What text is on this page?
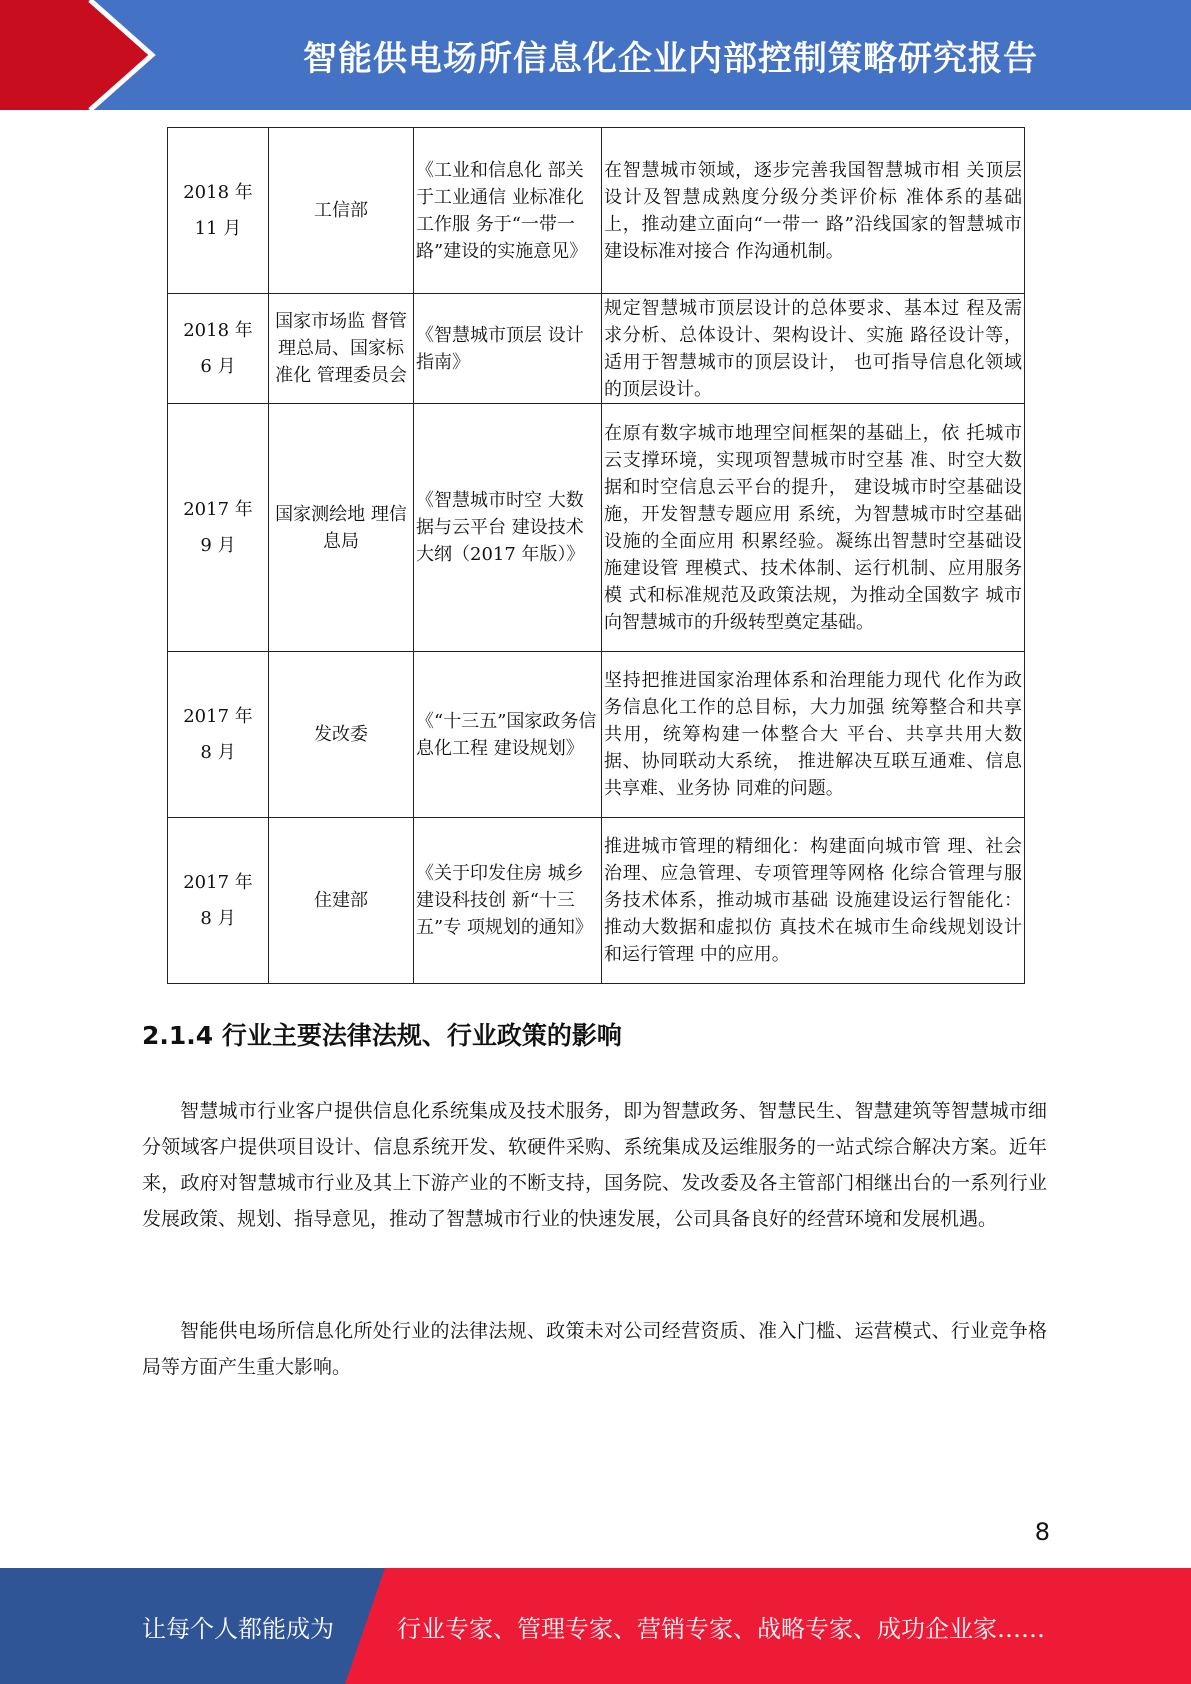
智能供电场所信息化企业内部控制策略研究报告
2018 年
11 月	工信部	《工业和信息化 部关于工业通信 业标准化工作服 务于“一带一 路”建设的实施意见》	在智慧城市领域，逐步完善我国智慧城市相 关顶层设计及智慧成熟度分级分类评价标 准体系的基础上，推动建立面向“一带一 路”沿线国家的智慧城市建设标准对接合 作沟通机制。

2018 年
6 月	国家市场监 督管理总局、国家标准化 管理委员会	《智慧城市顶层 设计指南》	规定智慧城市顶层设计的总体要求、基本过 程及需求分析、总体设计、架构设计、实施 路径设计等，适用于智慧城市的顶层设计， 也可指导信息化领域的顶层设计。

2017 年
9 月	国家测绘地 理信息局	《智慧城市时空 大数据与云平台 建设技术大纲（2017 年版）》	在原有数字城市地理空间框架的基础上，依 托城市云支撑环境，实现项智慧城市时空基 准、时空大数据和时空信息云平台的提升， 建设城市时空基础设施，开发智慧专题应用 系统，为智慧城市时空基础设施的全面应用 积累经验。凝练出智慧时空基础设施建设管 理模式、技术体制、运行机制、应用服务模 式和标准规范及政策法规，为推动全国数字 城市向智慧城市的升级转型奠定基础。

2017 年
8 月	发改委	《“十三五”国家政务信息化工程 建设规划》	坚持把推进国家治理体系和治理能力现代 化作为政务信息化工作的总目标，大力加强 统筹整合和共享共用，统筹构建一体整合大 平台、共享共用大数据、协同联动大系统， 推进解决互联互通难、信息共享难、业务协 同难的问题。

2017 年
8 月	住建部	《关于印发住房 城乡建设科技创 新“十三五”专 项规划的通知》	推进城市管理的精细化：构建面向城市管 理、社会治理、应急管理、专项管理等网格 化综合管理与服务技术体系，推动城市基础 设施建设运行智能化：推动大数据和虚拟仿 真技术在城市生命线规划设计和运行管理 中的应用。
2.1.4 行业主要法律法规、行业政策的影响

智慧城市行业客户提供信息化系统集成及技术服务，即为智慧政务、智慧民生、智慧建筑等智慧城市细分领域客户提供项目设计、信息系统开发、软硬件采购、系统集成及运维服务的一站式综合解决方案。近年来，政府对智慧城市行业及其上下游产业的不断支持，国务院、发改委及各主管部门相继出台的一系列行业发展政策、规划、指导意见，推动了智慧城市行业的快速发展，公司具备良好的经营环境和发展机遇。

智能供电场所信息化所处行业的法律法规、政策未对公司经营资质、准入门槛、运营模式、行业竞争格局等方面产生重大影响。

8
让每个人都能成为	行业专家、管理专家、营销专家、战略专家、成功企业家……
